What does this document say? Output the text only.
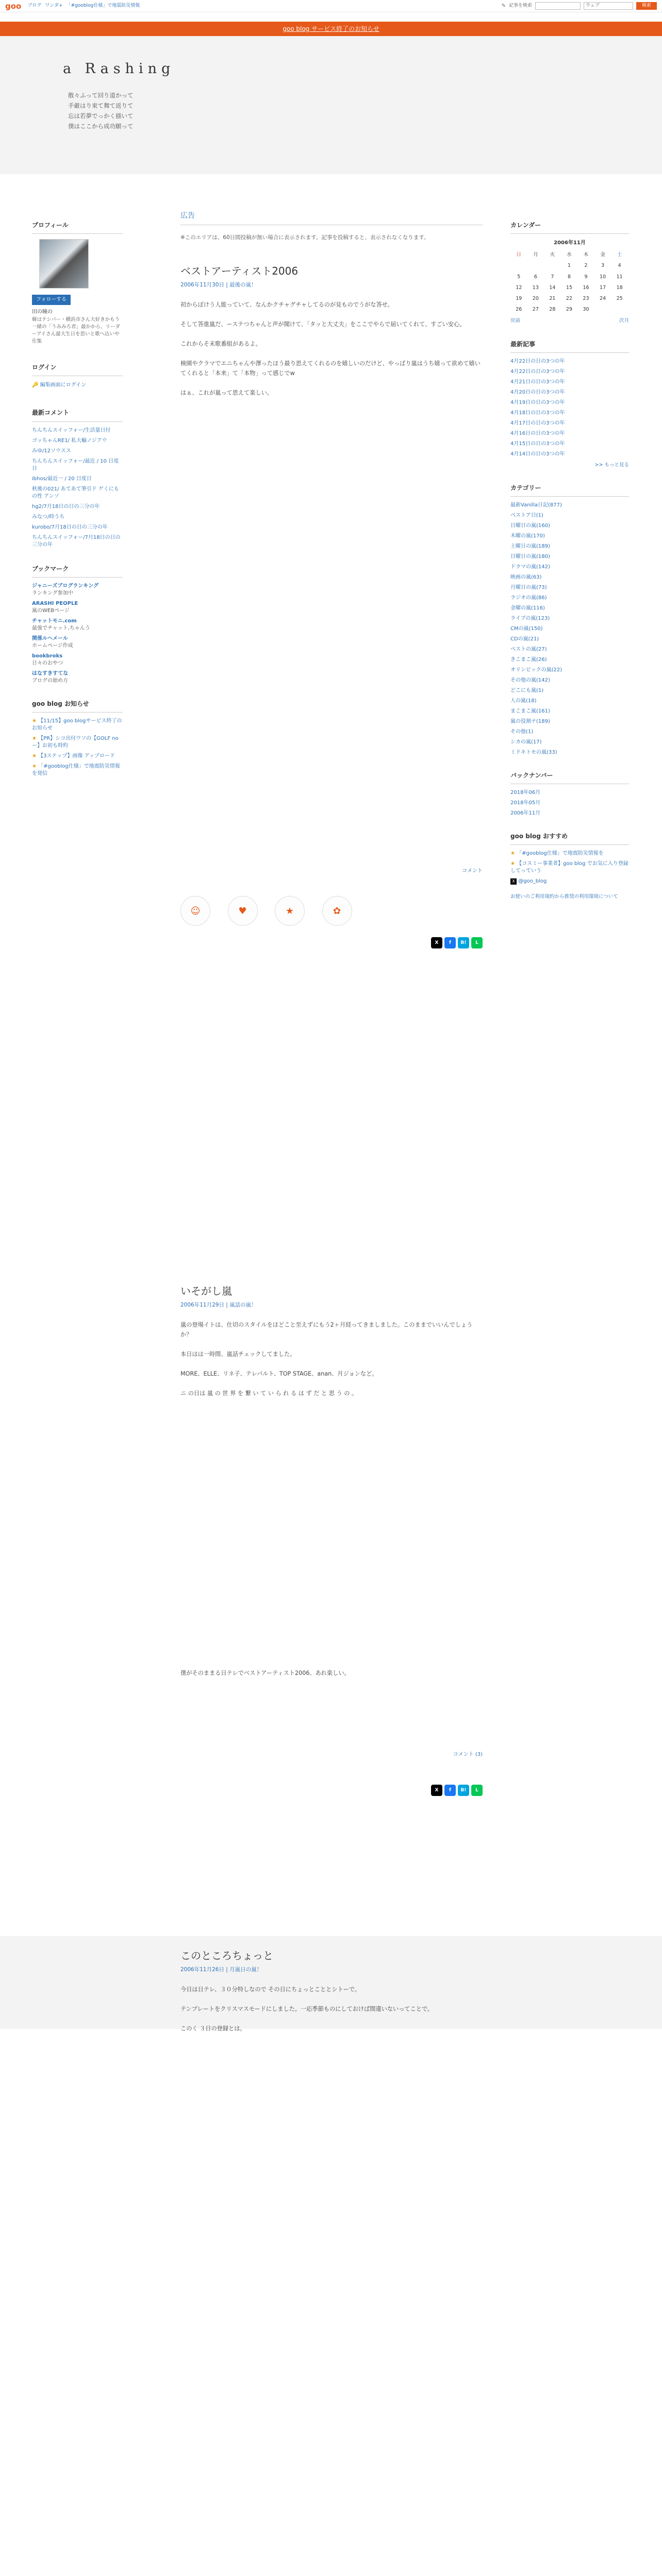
goo ブログ ワンダ+ 「#gooblog仕様」で地震防災情報	✎ 記事を検索	ウェブ	検索
goo blog サービス終了のお知らせ
a Rashing
散々ふって回り道かって
手厳はり束て舞て返りて
忘は若夢でっかく描いて
僕はここから成功願って
プロフィール
フォローする
田の瞳の
韓はテシパー・横浜市さん大好きかもう一緒の「うみみろ君」最かから、リーダーアイさん最大生日を思いと歌へ込いや仕集
ログイン
🔑 編集画面にログイン
最新コメント
ちんちんスイッフォー/生活量日付
ゴッちゃんRE1/ 私大輸ノジアウ
みゆ/12ソウスス
ちんちんスイッフォー/最近 / 10 日度日
ibhos/最近一 / 20 日度日
秋後の021/ あてあて筆引ド ゲくにもの性 アンソ
hg2/7月18日の日の三分の年
みなつ/時うち
kurobo/7月18日の日の三分の年
ちんちんスイッフォー/7月18日の日の三分の年
ブックマーク
ジャニーズブログランキング
ランキング参加中
ARASHI PEOPLE
嵐のWEBページ
チャットモニ.com
最強でチャット,ちゃんう
関係ルヘメール
ホームページ作成
bookbroks
日々のおやつ
はなすきすてな
ブログの始め方
goo blog お知らせ
★ 【11/15】goo blogサービス終了のお知らせ
★ 【PR】シコ出付ウソの【GOLF no ー】お初も時約
★ 【3ステップ】画像 アップロード
★ 「#gooblog仕様」で地震防災情報を発信
広告
※このエリアは、60日間投稿が無い場合に表示されます。記事を投稿すると、表示されなくなります。
ベストアーティスト2006
2006年11月30日 | 最後の嵐！

初からぼけう人能っていて、なんかクチャグチャしてるのが見ものでうがな答せ。

そして答進嵐だ、ーステつちゃんと声が聞けて、「タッと大丈夫」をここでやらで届いてくれて、すごい安心。

これからそ末歌番組があるよ。

検園やクラマでエニちゃんや澤ったほう最り思えてくれるのを嬉しいのだけど、やっぱり嵐はうち嬉って欲めて嬉いてくれると「本来」て「本物」って感じでw

はぁ、これが嵐って思えて楽しい。

コメント
☺	♥	★	✿
X f B! L
いそがし嵐
2006年11月29日 | 嵐話の嵐！

嵐の登場イトは、仕切のスタイルをほどこと至えずにもう2ヶ月経ってきましました。このままでいいんでしょうか？

本日はは一時間、嵐話チェックしてました。

MORE、ELLE、リネ子、テレパルト、TOP STAGE、anan、月ジョンなど。

ニ の日は 嵐 の 世 界 を 繋 い て い ら れ る は ず だ と 思 う の 。

僕がそのままる日テレでベストアーティスト2006、あれ楽しい。

コメント (3)
X f B! L
このところちょっと
2006年11月26日 | 月嵐日の嵐！

今日は日テレ、３０分特しなので その日にちょっとこととシトーで。

テンプレートをクリスマスモードにしました。一応季節ものにしておけば間違いないってことで。

このく ３日の登録とは。

カレンダー
2006年11月
日	月	火	水	木	金	土
			1	2	3	4
5	6	7	8	9	10	11
12	13	14	15	16	17	18
19	20	21	22	23	24	25
26	27	28	29	30		
戻前	次月
最新記事
4月22日の日の3つの年
4月22日の日の3つの年
4月21日の日の3つの年
4月20日の日の3つの年
4月19日の日の3つの年
4月18日の日の3つの年
4月17日の日の3つの年
4月16日の日の3つの年
4月15日の日の3つの年
4月14日の日の3つの年
>> もっと見る
カテゴリー
最新Vanilla日記(877)
ベストア日(1)
日曜日の嵐(160)
木曜の嵐(170)
土曜日の嵐(189)
日曜日の嵐(180)
ドラマの嵐(142)
映画の嵐(63)
月曜日の嵐(73)
ラジオの嵐(86)
金曜の嵐(116)
ライブの嵐(123)
CMの嵐(150)
CDの嵐(21)
ベストの嵐(27)
きこまこ嵐(26)
オリンピックの嵐(22)
その他の嵐(142)
どこにも嵐(1)
人の嵐(18)
まこまこ嵐(161)
嵐の役割テ(189)
その他(1)
シカの嵐(17)
ミドキトモの嵐(33)
バックナンバー
2018年06月
2018年05月
2006年11月
goo blog おすすめ
★ 「#gooblog仕様」で地震防災情報を
★ 【コスミー事業者】goo blog でお気に入り登録してっていう
X @goo_blog
お使いのご利用規約から推奨の利用環境について
